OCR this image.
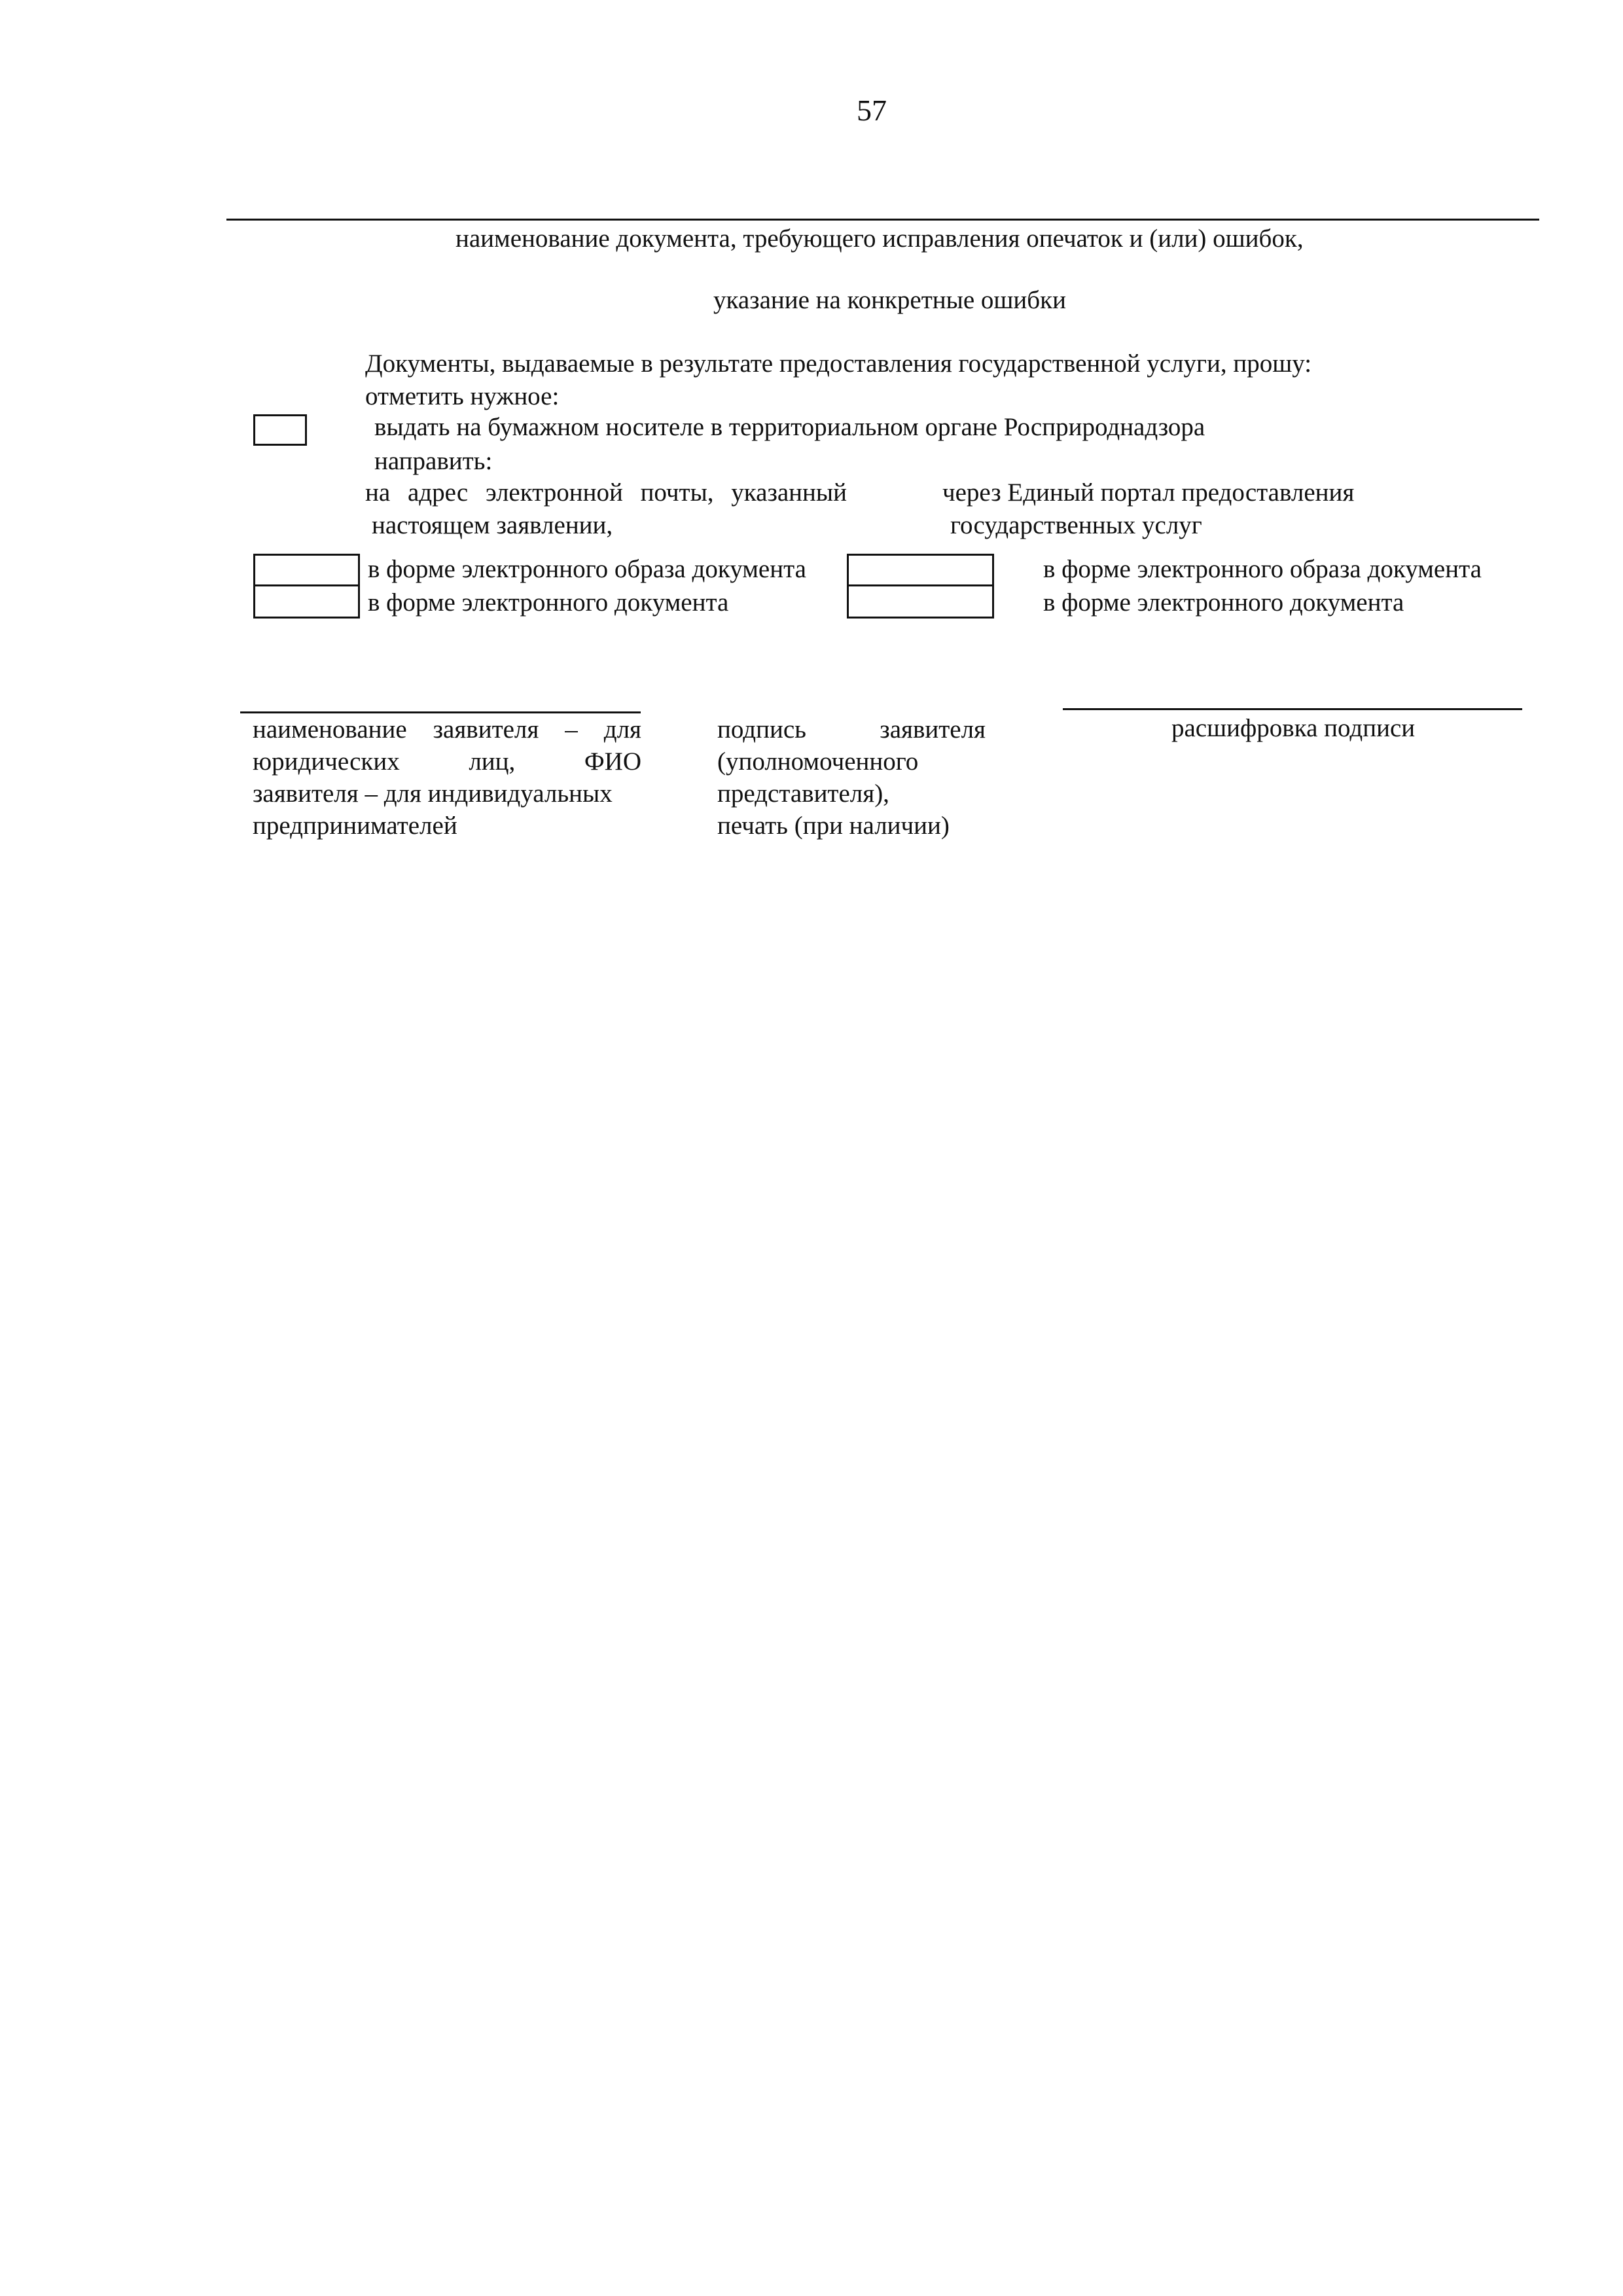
57
наименование документа, требующего исправления опечаток и (или) ошибок,
указание на конкретные ошибки
Документы, выдаваемые в результате предоставления государственной услуги, прошу:
отметить нужное:
выдать на бумажном носителе в территориальном органе Росприроднадзора
направить:
на адрес электронной почты, указанный
настоящем заявлении,
через Единый портал предоставления
государственных услуг
в форме электронного образа документа
в форме электронного документа
в форме электронного образа документа
в форме электронного документа
наименование заявителя – для
юридических	лиц,	ФИО
заявителя – для индивидуальных
предпринимателей
подпись	заявителя
(уполномоченного
представителя),
печать (при наличии)
расшифровка подписи
